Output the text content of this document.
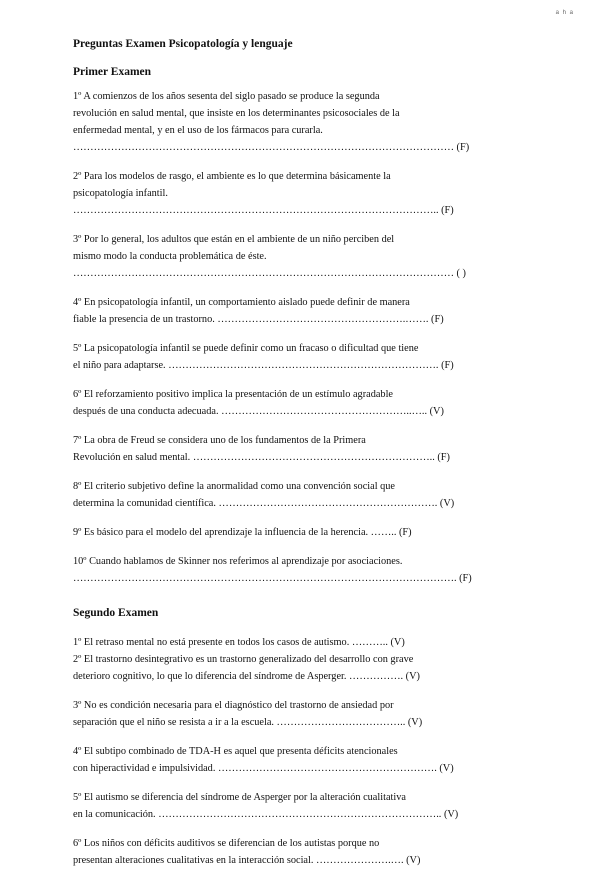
a h a
Preguntas Examen Psicopatología y lenguaje
Primer Examen
1º A comienzos de los años sesenta del siglo pasado se produce la segunda
revolución en salud mental, que insiste en los determinantes psicosociales de la
enfermedad mental, y en el uso de los fármacos para curarla.
………………………………………………………………………………………………… (F)
2º Para los modelos de rasgo, el ambiente es lo que determina básicamente la
psicopatología infantil.
…………………………………………………………………………………………….. (F)
3º Por lo general, los adultos que están en el ambiente de un niño perciben del
mismo modo la conducta problemática de éste.
………………………………………………………………………………………………… ( )
4º En psicopatología infantil, un comportamiento aislado puede definir de manera
fiable la presencia de un trastorno. ……………………………………………….……. (F)
5º La psicopatología infantil se puede definir como un fracaso o dificultad que tiene
el niño para adaptarse. ……………………………………………………………………. (F)
6º El reforzamiento positivo implica la presentación de un estímulo agradable
después de una conducta adecuada. ………………………………………………..….. (V)
7º La obra de Freud se considera uno de los fundamentos de la Primera
Revolución en salud mental. …………………………………………………………….. (F)
8º El criterio subjetivo define la anormalidad como una convención social que
determina la comunidad científica. ………………………………………………………. (V)
9º Es básico para el modelo del aprendizaje la influencia de la herencia. …….. (F)
10º Cuando hablamos de Skinner nos referimos al aprendizaje por asociaciones.
…………………………………………………………………………………………………. (F)
Segundo Examen
1º El retraso mental no está presente en todos los casos de autismo. ……….. (V)
2º El trastorno desintegrativo es un trastorno generalizado del desarrollo con grave
deterioro cognitivo, lo que lo diferencia del síndrome de Asperger. ……………. (V)
3º No es condición necesaria para el diagnóstico del trastorno de ansiedad por
separación que el niño se resista a ir a la escuela. ……………………………….. (V)
4º El subtipo combinado de TDA-H es aquel que presenta déficits atencionales
con hiperactividad e impulsividad. ………………………………………………………. (V)
5º El autismo se diferencia del síndrome de Asperger por la alteración cualitativa
en la comunicación. ……………………………………………………………………….. (V)
6º Los niños con déficits auditivos se diferencian de los autistas porque no
presentan alteraciones cualitativas en la interacción social. ………………….…. (V)
